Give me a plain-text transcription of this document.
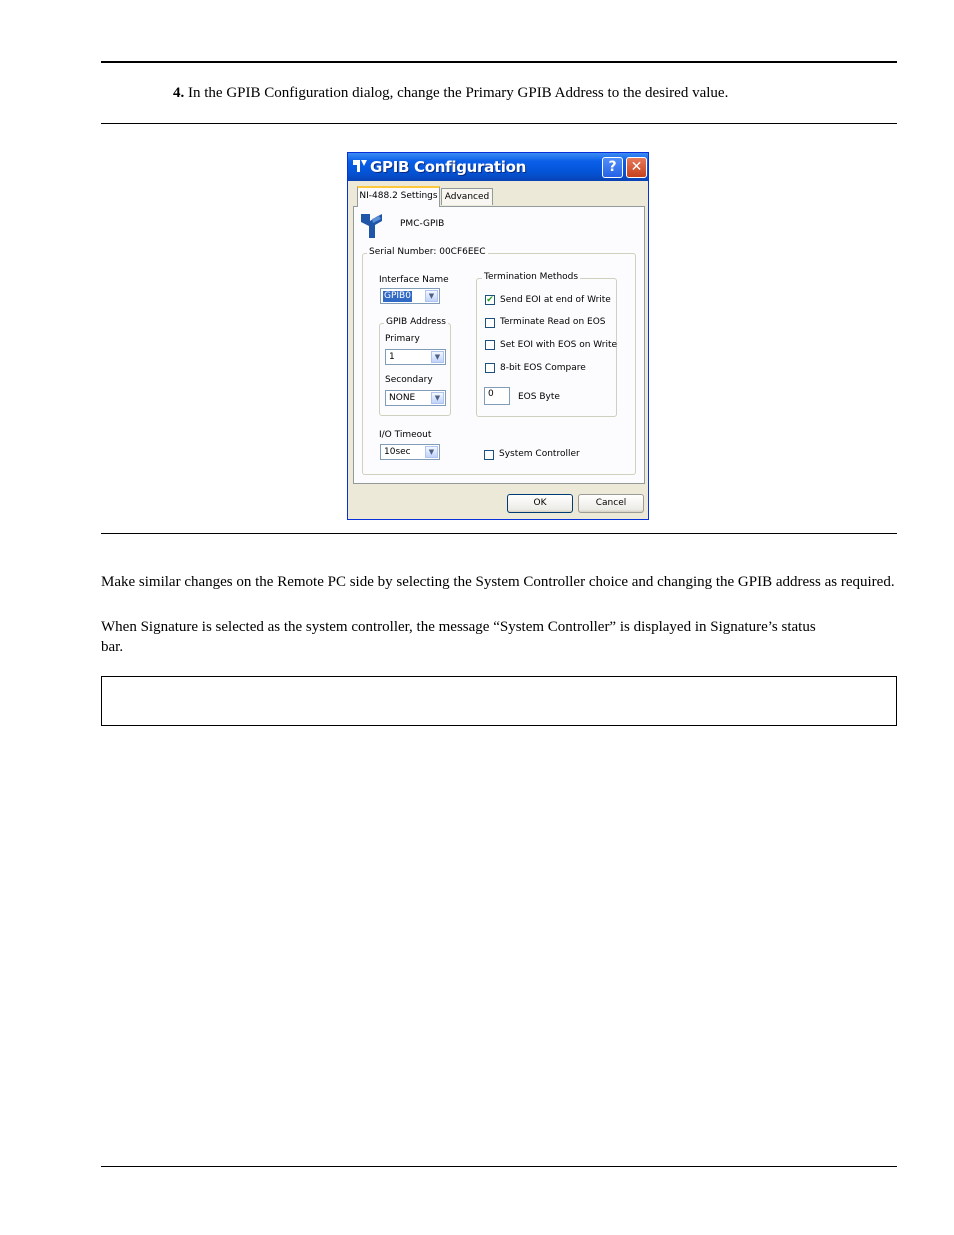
4. In the GPIB Configuration dialog, change the Primary GPIB Address to the desired value.
GPIB Configuration	?	✕
PMC-GPIB
Serial Number: 00CF6EEC
Interface Name
GPIB0	▼
GPIB Address
Primary
1	▼
Secondary
NONE	▼
I/O Timeout
10sec	▼
Termination Methods
✔ Send EOI at end of Write
Terminate Read on EOS
Set EOI with EOS on Write
8-bit EOS Compare
0	EOS Byte
System Controller
Advanced
NI-488.2 Settings
OK	Cancel
Make similar changes on the Remote PC side by selecting the System Controller choice and changing the GPIB address as required.
When Signature is selected as the system controller, the message “System Controller” is displayed in Signature’s status bar.
